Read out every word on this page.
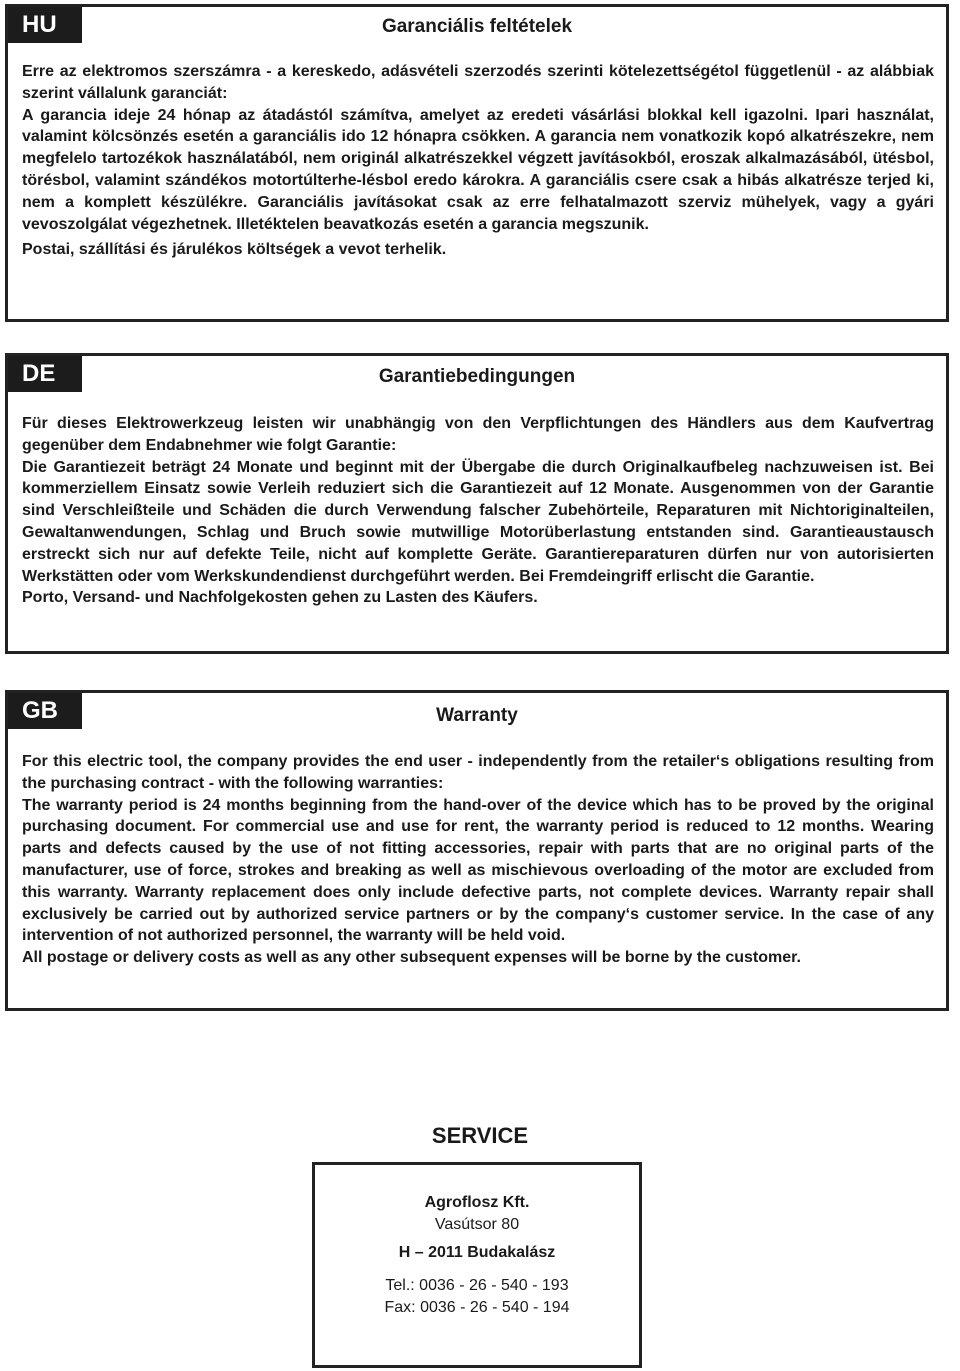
HU	Garanciális feltételek

Erre az elektromos szerszámra - a kereskedo, adásvételi szerzodés szerinti kötelezettségétol függetlenül - az alábbiak szerint vállalunk garanciát:

A garancia ideje 24 hónap az átadástól számítva, amelyet az eredeti vásárlási blokkal kell igazolni. Ipari használat, valamint kölcsönzés esetén a garanciális ido 12 hónapra csökken. A garancia nem vonatkozik kopó alkatrészekre, nem megfelelo tartozékok használatából, nem originál alkatrészekkel végzett javításokból, eroszak alkalmazásából, ütésbol, törésbol, valamint szándékos motortúlterhe-lésbol eredo károkra. A garanciális csere csak a hibás alkatrésze terjed ki, nem a komplett készülékre. Garanciális javításokat csak az erre felhatalmazott szerviz mühelyek, vagy a gyári vevoszolgálat végezhetnek. Illetéktelen beavatkozás esetén a garancia megszunik.

Postai, szállítási és járulékos költségek a vevot terhelik.

DE	Garantiebedingungen

Für dieses Elektrowerkzeug leisten wir unabhängig von den Verpflichtungen des Händlers aus dem Kaufvertrag gegenüber dem Endabnehmer wie folgt Garantie:

Die Garantiezeit beträgt 24 Monate und beginnt mit der Übergabe die durch Originalkaufbeleg nachzuweisen ist. Bei kommerziellem Einsatz sowie Verleih reduziert sich die Garantiezeit auf 12 Monate. Ausgenommen von der Garantie sind Verschleißteile und Schäden die durch Verwendung falscher Zubehörteile, Reparaturen mit Nichtoriginalteilen, Gewaltanwendungen, Schlag und Bruch sowie mutwillige Motorüberlastung entstanden sind. Garantieaustausch erstreckt sich nur auf defekte Teile, nicht auf komplette Geräte. Garantiereparaturen dürfen nur von autorisierten Werkstätten oder vom Werkskundendienst durchgeführt werden. Bei Fremdeingriff erlischt die Garantie.

Porto, Versand- und Nachfolgekosten gehen zu Lasten des Käufers.

GB	Warranty

For this electric tool, the company provides the end user - independently from the retailer‘s obligations resulting from the purchasing contract - with the following warranties:

The warranty period is 24 months beginning from the hand-over of the device which has to be proved by the original purchasing document. For commercial use and use for rent, the warranty period is reduced to 12 months. Wearing parts and defects caused by the use of not fitting accessories, repair with parts that are no original parts of the manufacturer, use of force, strokes and breaking as well as mischievous overloading of the motor are excluded from this warranty. Warranty replacement does only include defective parts, not complete devices. Warranty repair shall exclusively be carried out by authorized service partners or by the company‘s customer service. In the case of any intervention of not authorized personnel, the warranty will be held void.

All postage or delivery costs as well as any other subsequent expenses will be borne by the customer.

SERVICE
Agroflosz Kft.
Vasútsor 80
H – 2011 Budakalász
Tel.: 0036 - 26 - 540 - 193
Fax: 0036 - 26 - 540 - 194
